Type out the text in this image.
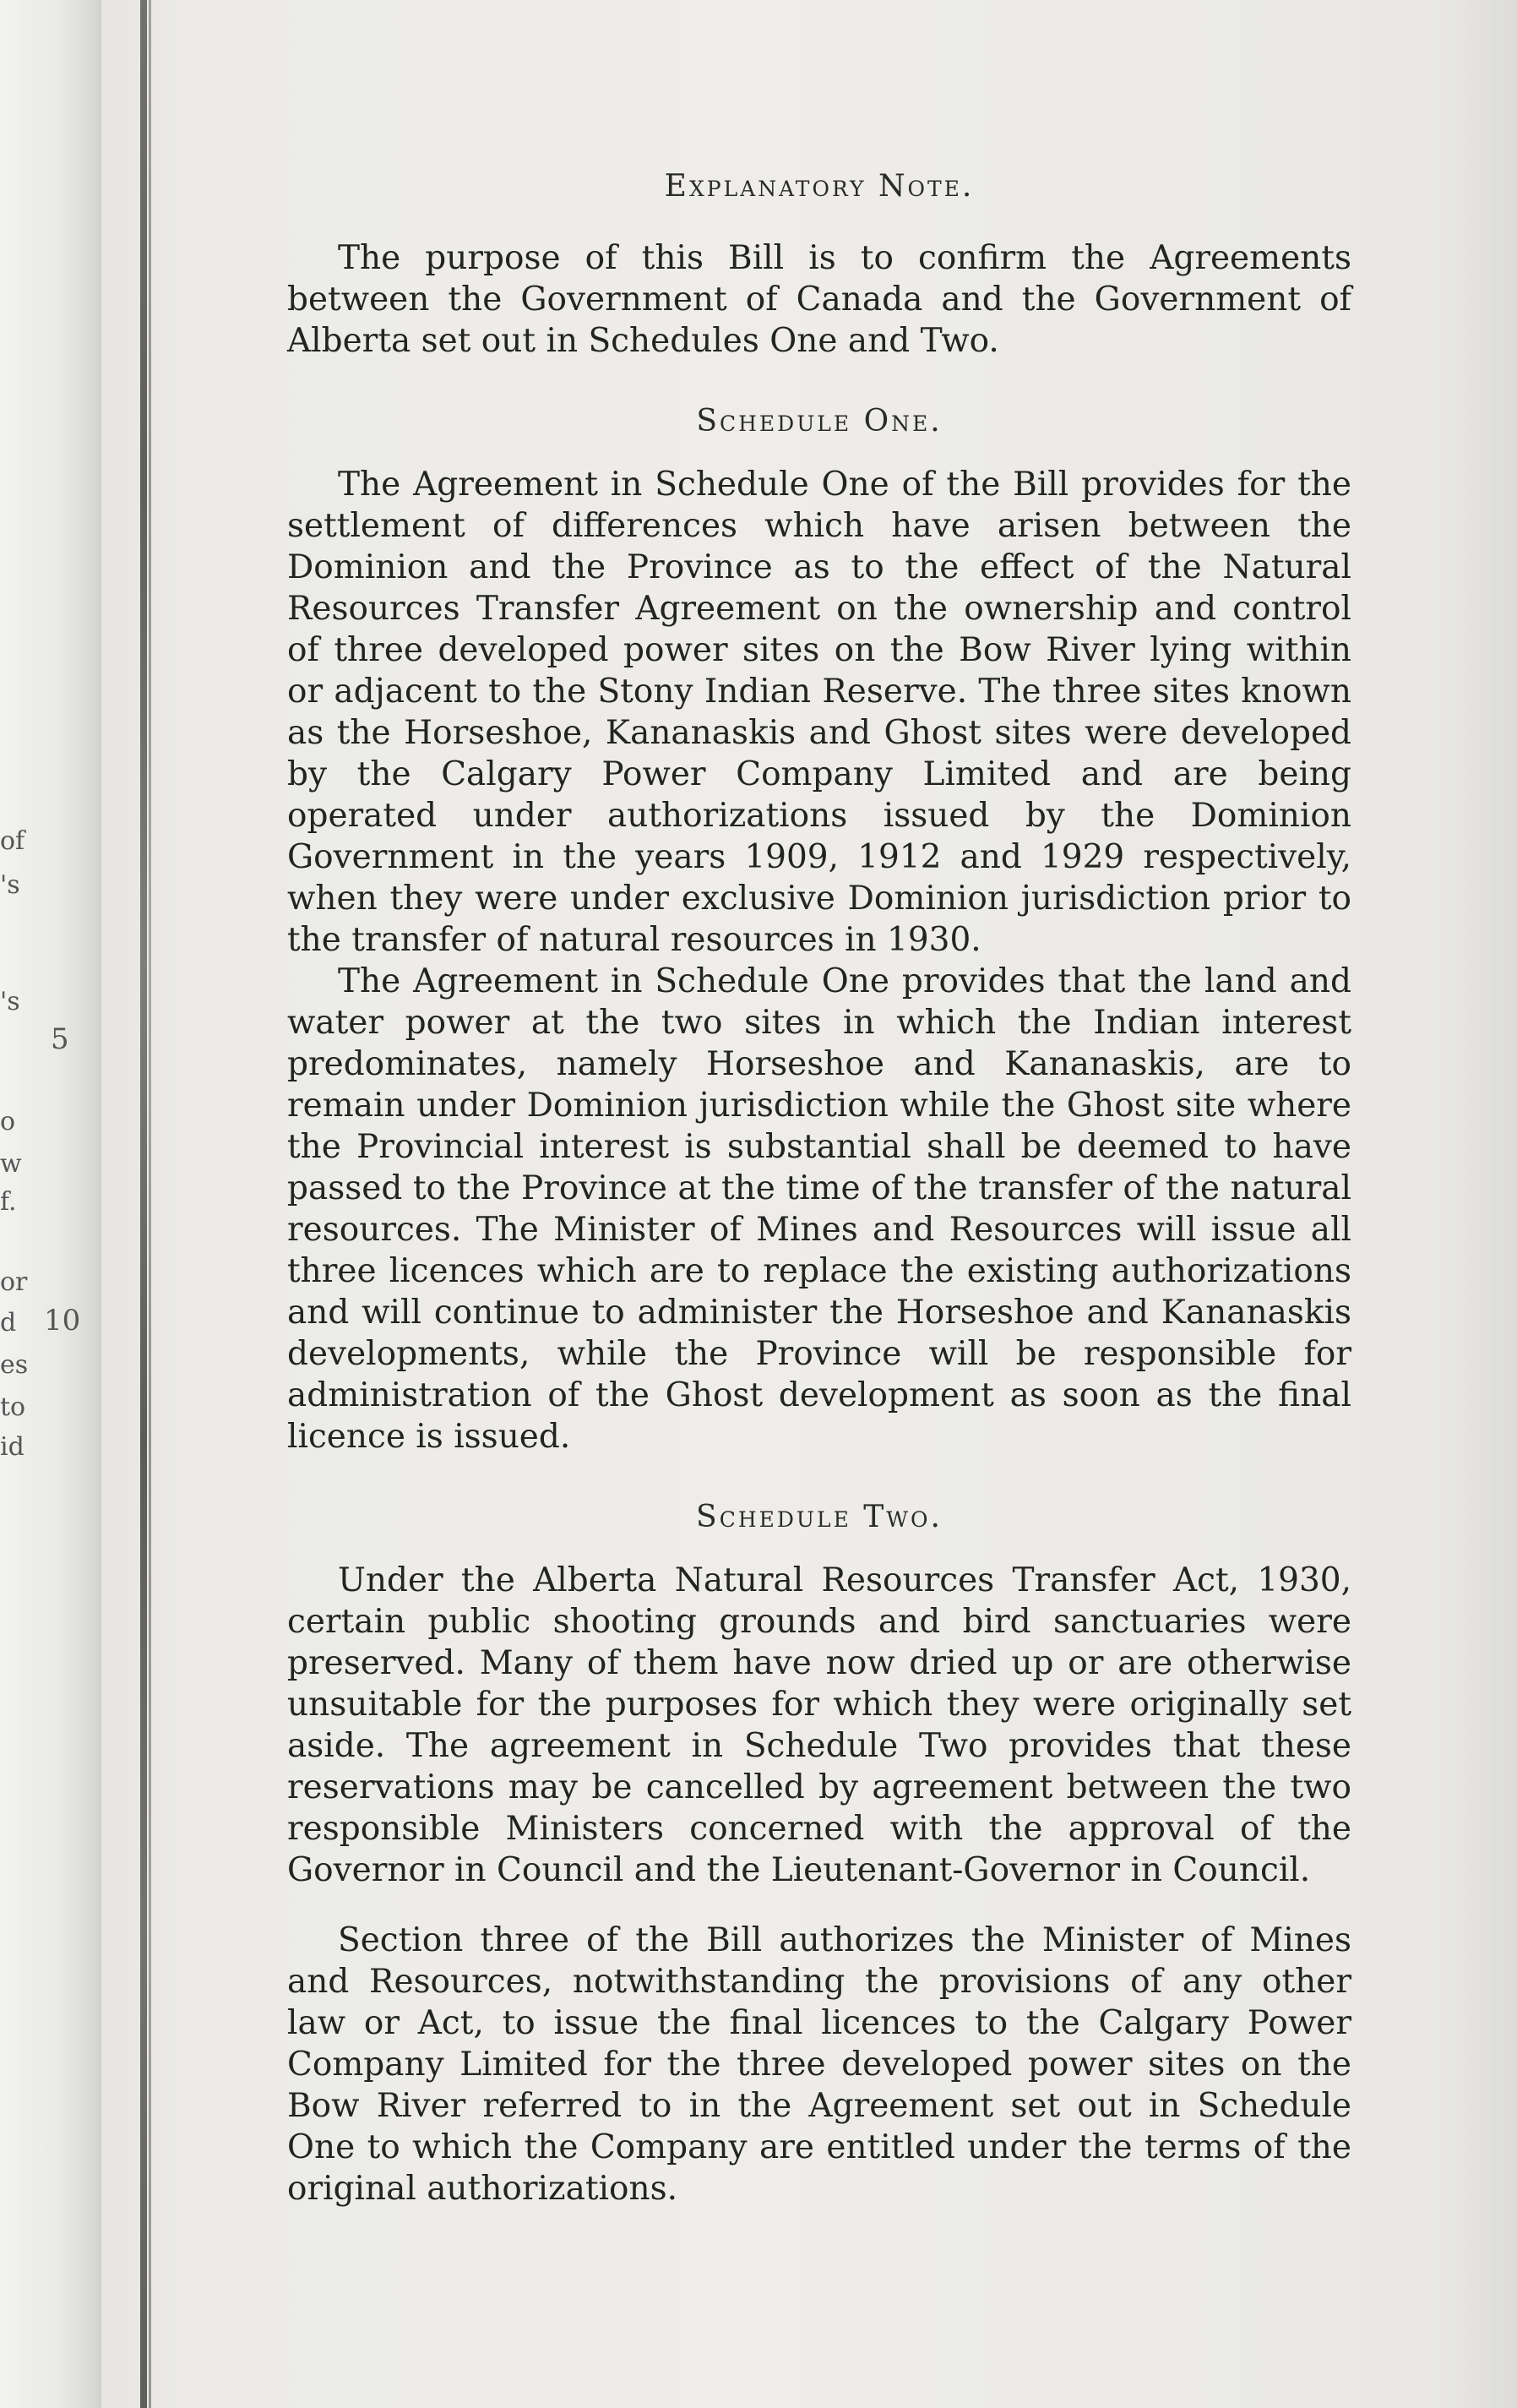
of
's
's
o
w
f.
or
d
es
to
id
5
10
Explanatory Note.

The purpose of this Bill is to confirm the Agreements between the Government of Canada and the Government of Alberta set out in Schedules One and Two.

Schedule One.

The Agreement in Schedule One of the Bill provides for the settlement of differences which have arisen between the Dominion and the Province as to the effect of the Natural Resources Transfer Agreement on the ownership and control of three developed power sites on the Bow River lying within or adjacent to the Stony Indian Reserve. The three sites known as the Horseshoe, Kananaskis and Ghost sites were developed by the Calgary Power Company Limited and are being operated under authorizations issued by the Dominion Government in the years 1909, 1912 and 1929 respectively, when they were under exclusive Dominion jurisdiction prior to the transfer of natural resources in 1930.

The Agreement in Schedule One provides that the land and water power at the two sites in which the Indian interest predominates, namely Horseshoe and Kananaskis, are to remain under Dominion jurisdiction while the Ghost site where the Provincial interest is substantial shall be deemed to have passed to the Province at the time of the transfer of the natural resources. The Minister of Mines and Resources will issue all three licences which are to replace the existing authorizations and will continue to administer the Horseshoe and Kananaskis developments, while the Province will be responsible for administration of the Ghost development as soon as the final licence is issued.

Schedule Two.

Under the Alberta Natural Resources Transfer Act, 1930, certain public shooting grounds and bird sanctuaries were preserved. Many of them have now dried up or are otherwise unsuitable for the purposes for which they were originally set aside. The agreement in Schedule Two provides that these reservations may be cancelled by agreement between the two responsible Ministers concerned with the approval of the Governor in Council and the Lieutenant-Governor in Council.

Section three of the Bill authorizes the Minister of Mines and Resources, notwithstanding the provisions of any other law or Act, to issue the final licences to the Calgary Power Company Limited for the three developed power sites on the Bow River referred to in the Agreement set out in Schedule One to which the Company are entitled under the terms of the original authorizations.
